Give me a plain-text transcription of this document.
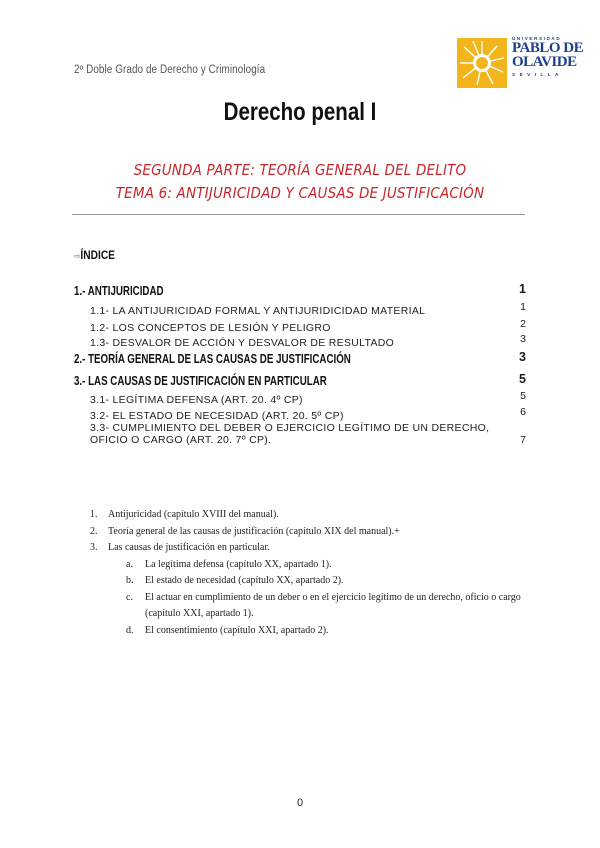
2º Doble Grado de Derecho y Criminología
UNIVERSIDAD
PABLO DE
OLAVIDE
SEVILLA
Derecho penal I
SEGUNDA PARTE: TEORÍA GENERAL DEL DELITO
TEMA 6: ANTIJURICIDAD Y CAUSAS DE JUSTIFICACIÓN
⇨ÍNDICE
1.- ANTIJURICIDAD	1
1.1- LA ANTIJURICIDAD FORMAL Y ANTIJURIDICIDAD MATERIAL	1
1.2- LOS CONCEPTOS DE LESIÓN Y PELIGRO	2
1.3- DESVALOR DE ACCIÓN Y DESVALOR DE RESULTADO	3
2.- TEORÍA GENERAL DE LAS CAUSAS DE JUSTIFICACIÓN	3
3.- LAS CAUSAS DE JUSTIFICACIÓN EN PARTICULAR	5
3.1- LEGÍTIMA DEFENSA (ART. 20. 4º CP)	5
3.2- EL ESTADO DE NECESIDAD (ART. 20. 5º CP)	6
3.3- CUMPLIMIENTO DEL DEBER O EJERCICIO LEGÍTIMO DE UN DERECHO,
OFICIO O CARGO (ART. 20. 7º CP).	7
1. Antijuricidad (capítulo XVIII del manual).
2. Teoría general de las causas de justificación (capítulo XIX del manual).+
3. Las causas de justificación en particular.
a. La legítima defensa (capítulo XX, apartado 1).
b. El estado de necesidad (capítulo XX, apartado 2).
c. El actuar en cumplimiento de un deber o en el ejercicio legítimo de un derecho, oficio o cargo (capítulo XXI, apartado 1).
d. El consentimiento (capítulo XXI, apartado 2).
0
